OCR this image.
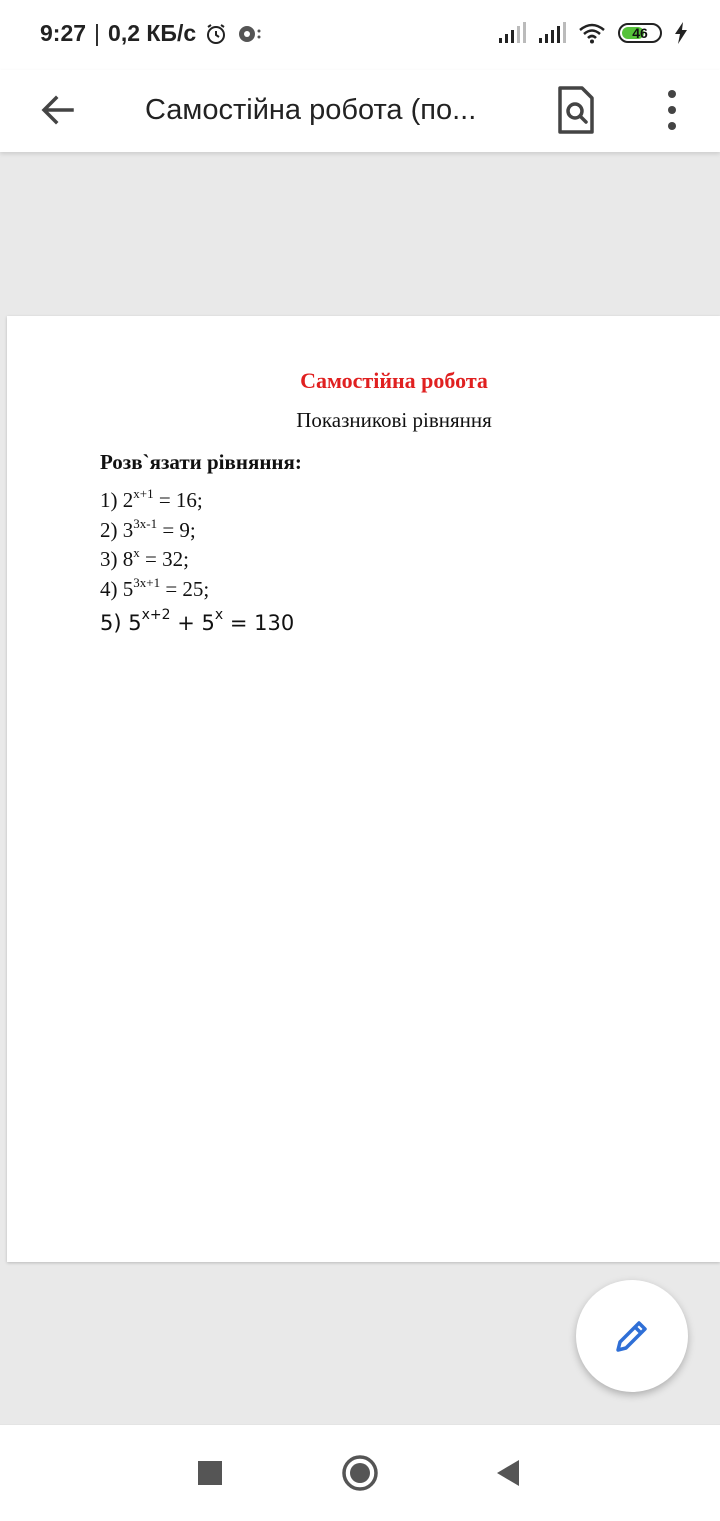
9:27 | 0,2 КБ/с	46
Самостійна робота (по...
Самостійна робота
Показникові рівняння
Розв`язати рівняння:
1) $2^{x+1} = 16$;
2) $3^{3x-1} = 9$;
3) $8^x = 32$;
4) $5^{3x+1} = 25$;
5) $5^{x+2} + 5^x = 130$
